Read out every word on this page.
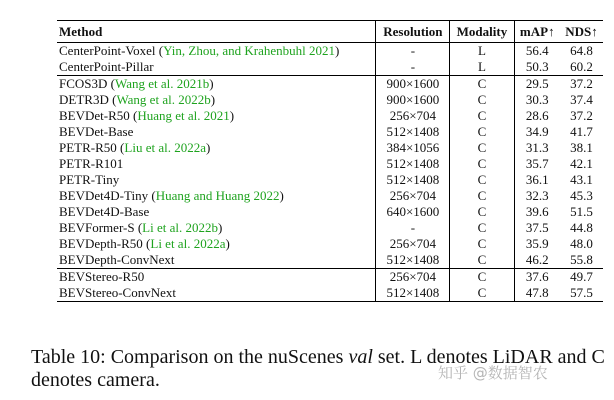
Method	Resolution	Modality	mAP↑	NDS↑
CenterPoint-Voxel (Yin, Zhou, and Krahenbuhl 2021)	-	L	56.4	64.8
CenterPoint-Pillar	-	L	50.3	60.2
FCOS3D (Wang et al. 2021b)	900×1600	C	29.5	37.2
DETR3D (Wang et al. 2022b)	900×1600	C	30.3	37.4
BEVDet-R50 (Huang et al. 2021)	256×704	C	28.6	37.2
BEVDet-Base	512×1408	C	34.9	41.7
PETR-R50 (Liu et al. 2022a)	384×1056	C	31.3	38.1
PETR-R101	512×1408	C	35.7	42.1
PETR-Tiny	512×1408	C	36.1	43.1
BEVDet4D-Tiny (Huang and Huang 2022)	256×704	C	32.3	45.3
BEVDet4D-Base	640×1600	C	39.6	51.5
BEVFormer-S (Li et al. 2022b)	-	C	37.5	44.8
BEVDepth-R50 (Li et al. 2022a)	256×704	C	35.9	48.0
BEVDepth-ConvNext	512×1408	C	46.2	55.8
BEVStereo-R50	256×704	C	37.6	49.7
BEVStereo-ConvNext	512×1408	C	47.8	57.5

Table 10: Comparison on the nuScenes val set. L denotes LiDAR and C denotes camera.	知乎 @数据智农
